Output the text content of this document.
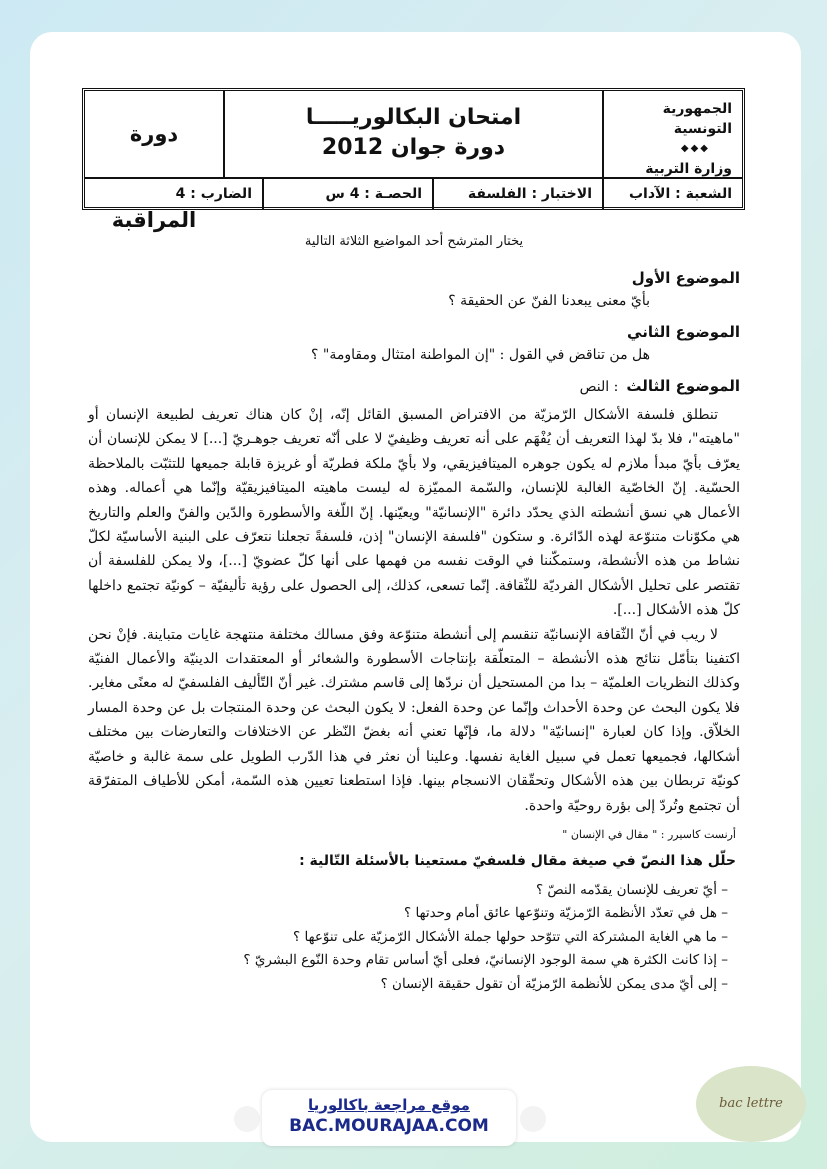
الجمهورية التونسية
◆◆◆
وزارة التربية
امتحان البكالوريـــــا
دورة جوان 2012
دورة المراقبة
الشعبة : الآداب
الاختبار : الفلسفة
الحصـة : 4 س
الضارب : 4

يختار المترشح أحد المواضيع الثلاثة التالية

الموضوع الأول

بأيّ معنى يبعدنا الفنّ عن الحقيقة ؟

الموضوع الثاني

هل من تناقض في القول : "إن المواطنة امتثال ومقاومة" ؟

الموضوع الثالث
: النص

تنطلق فلسفة الأشكال الرّمزيّة من الافتراض المسبق القائل إنّه، إنْ كان هناك تعريف لطبيعة الإنسان أو "ماهيته"، فلا بدّ لهذا التعريف أن يُفْهَم على أنه تعريف وظيفيّ لا على أنّه تعريف جوهـريّ [...] لا يمكن للإنسان أن يعرّف بأيّ مبدأ ملازم له يكون جوهره الميتافيزيقي، ولا بأيّ ملكة فطريّة أو غريزة قابلة جميعها للتثبّت بالملاحظة الحسّية. إنّ الخاصّية الغالبة للإنسان، والسّمة المميّزة له ليست ماهيته الميتافيزيقيّة وإنّما هي أعماله. وهذه الأعمال هي نسق أنشطته الذي يحدّد دائرة "الإنسانيّة" ويعيّنها. إنّ اللّغة والأسطورة والدّين والفنّ والعلم والتاريخ هي مكوّنات متنوّعة لهذه الدّائرة. و ستكون "فلسفة الإنسان" إذن، فلسفةً تجعلنا نتعرّف على البنية الأساسيّة لكلّ نشاط من هذه الأنشطة، وستمكّننا في الوقت نفسه من فهمها على أنها كلّ عضويّ [...]، ولا يمكن للفلسفة أن تقتصر على تحليل الأشكال الفرديّة للثّقافة. إنّما تسعى، كذلك، إلى الحصول على رؤية تأليفيّة – كونيّة تجتمع داخلها كلّ هذه الأشكال [...].

لا ريب في أنّ الثّقافة الإنسانيّة تنقسم إلى أنشطة متنوّعة وفق مسالك مختلفة منتهجة غايات متباينة. فإنْ نحن اكتفينا بتأمّل نتائج هذه الأنشطة – المتعلّقة بإنتاجات الأسطورة والشعائر أو المعتقدات الدينيّة والأعمال الفنيّة وكذلك النظريات العلميّة – بدا من المستحيل أن نردّها إلى قاسم مشترك. غير أنّ التّأليف الفلسفيّ له معنًى مغاير. فلا يكون البحث عن وحدة الأحداث وإنّما عن وحدة الفعل: لا يكون البحث عن وحدة المنتجات بل عن وحدة المسار الخلاّق. وإذا كان لعبارة "إنسانيّة" دلالة ما، فإنّها تعني أنه بغضّ النّظر عن الاختلافات والتعارضات بين مختلف أشكالها، فجميعها تعمل في سبيل الغاية نفسها. وعلينا أن نعثر في هذا الدّرب الطويل على سمة غالبة و خاصيّة كونيّة تربطان بين هذه الأشكال وتحقّقان الانسجام بينها. فإذا استطعنا تعيين هذه السّمة، أمكن للأطياف المتفرّقة أن تجتمع وتُردّ إلى بؤرة روحيّة واحدة.

أرنست كاسيرر : " مقال في الإنسان "

حلّل هذا النصّ في صيغة مقال فلسفيّ مستعينا بالأسئلة التّالية :

– أيّ تعريف للإنسان يقدّمه النصّ ؟
– هل في تعدّد الأنظمة الرّمزيّة وتنوّعها عائق أمام وحدتها ؟
– ما هي الغاية المشتركة التي تتوّحد حولها جملة الأشكال الرّمزيّة على تنوّعها ؟
– إذا كانت الكثرة هي سمة الوجود الإنسانيّ، فعلى أيّ أساس تقام وحدة النّوع البشريّ ؟
– إلى أيّ مدى يمكن للأنظمة الرّمزيّة أن تقول حقيقة الإنسان ؟
موقع مراجعة باكالوريا
BAC.MOURAJAA.COM
bac lettre
